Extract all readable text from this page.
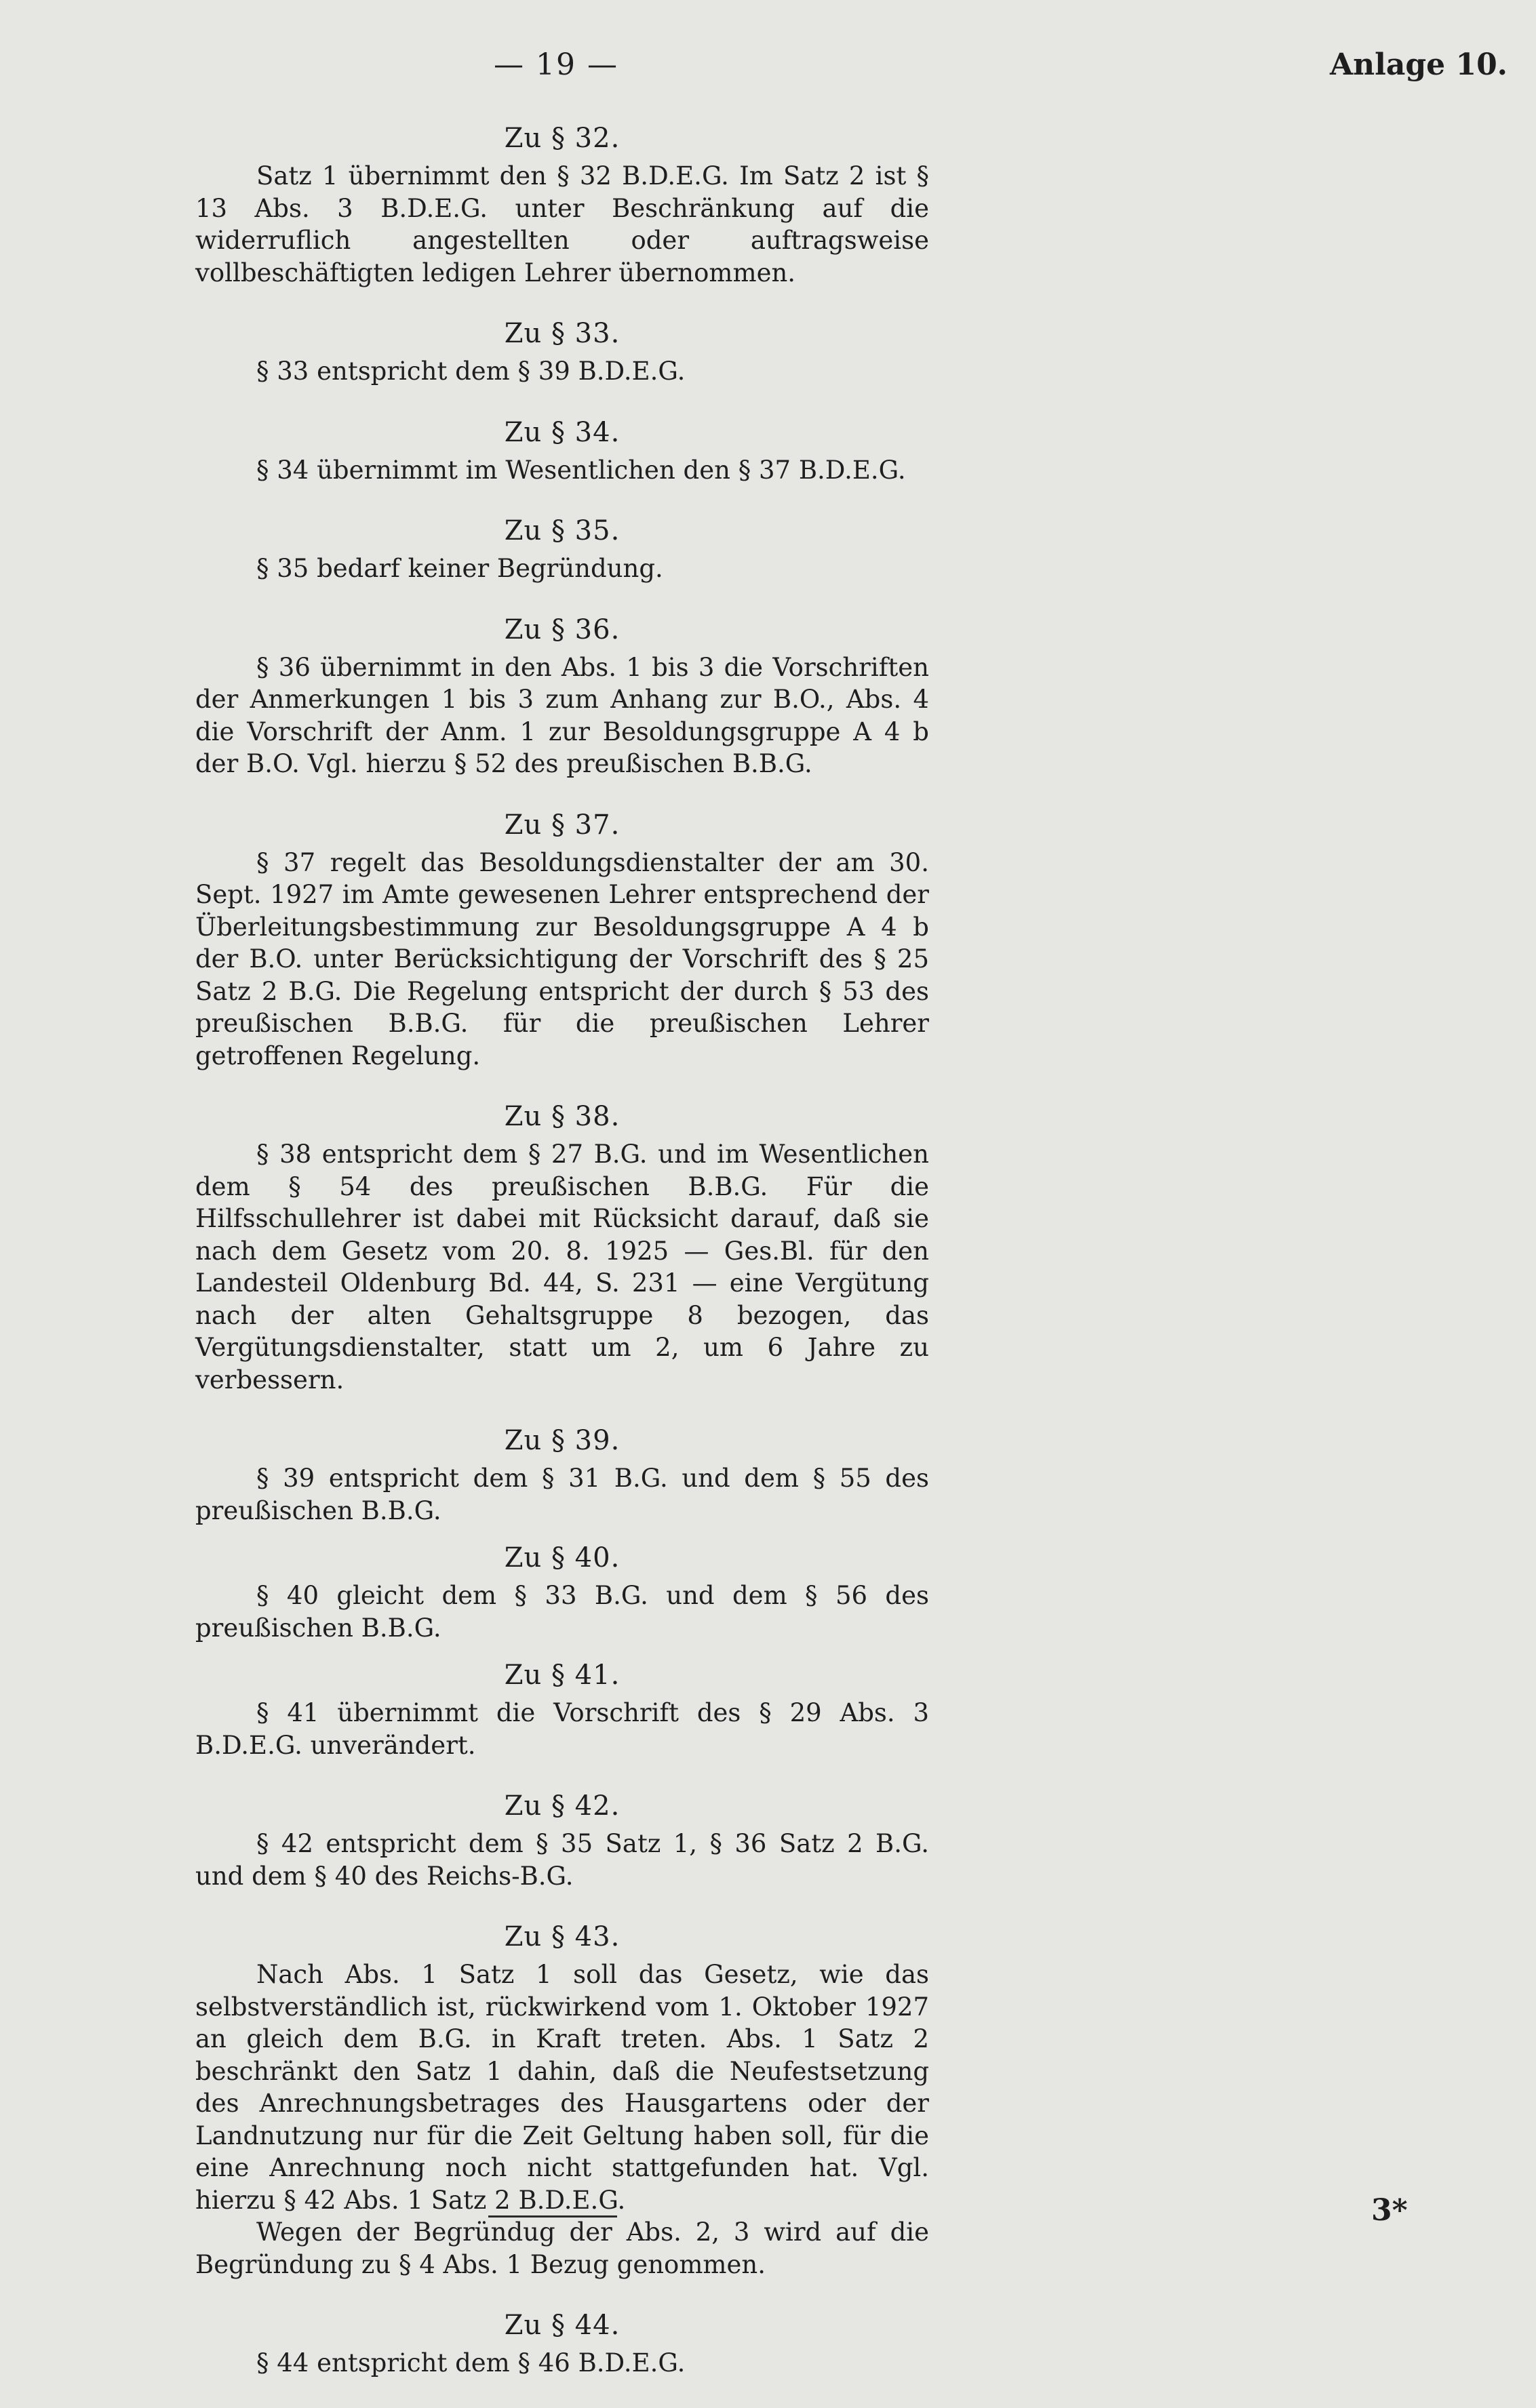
— 19 —	Anlage 10.
Zu § 32.
Satz 1 übernimmt den § 32 B.D.E.G. Im Satz 2 ist § 13 Abs. 3 B.D.E.G. unter Beschränkung auf die widerruflich angestellten oder auftragsweise vollbeschäftigten ledigen Lehrer übernommen.
Zu § 33.
§ 33 entspricht dem § 39 B.D.E.G.
Zu § 34.
§ 34 übernimmt im Wesentlichen den § 37 B.D.E.G.
Zu § 35.
§ 35 bedarf keiner Begründung.
Zu § 36.
§ 36 übernimmt in den Abs. 1 bis 3 die Vorschriften der Anmerkungen 1 bis 3 zum Anhang zur B.O., Abs. 4 die Vorschrift der Anm. 1 zur Besoldungsgruppe A 4 b der B.O. Vgl. hierzu § 52 des preußischen B.B.G.
Zu § 37.
§ 37 regelt das Besoldungsdienstalter der am 30. Sept. 1927 im Amte gewesenen Lehrer entsprechend der Überleitungsbestimmung zur Besoldungsgruppe A 4 b der B.O. unter Berücksichtigung der Vorschrift des § 25 Satz 2 B.G. Die Regelung entspricht der durch § 53 des preußischen B.B.G. für die preußischen Lehrer getroffenen Regelung.
Zu § 38.
§ 38 entspricht dem § 27 B.G. und im Wesentlichen dem § 54 des preußischen B.B.G. Für die Hilfsschullehrer ist dabei mit Rücksicht darauf, daß sie nach dem Gesetz vom 20. 8. 1925 — Ges.Bl. für den Landesteil Oldenburg Bd. 44, S. 231 — eine Vergütung nach der alten Gehaltsgruppe 8 bezogen, das Vergütungsdienstalter, statt um 2, um 6 Jahre zu verbessern.
Zu § 39.
§ 39 entspricht dem § 31 B.G. und dem § 55 des preußischen B.B.G.
Zu § 40.
§ 40 gleicht dem § 33 B.G. und dem § 56 des preußischen B.B.G.
Zu § 41.
§ 41 übernimmt die Vorschrift des § 29 Abs. 3 B.D.E.G. unverändert.
Zu § 42.
§ 42 entspricht dem § 35 Satz 1, § 36 Satz 2 B.G. und dem § 40 des Reichs-B.G.
Zu § 43.
Nach Abs. 1 Satz 1 soll das Gesetz, wie das selbstverständlich ist, rückwirkend vom 1. Oktober 1927 an gleich dem B.G. in Kraft treten. Abs. 1 Satz 2 beschränkt den Satz 1 dahin, daß die Neufestsetzung des Anrechnungsbetrages des Hausgartens oder der Landnutzung nur für die Zeit Geltung haben soll, für die eine Anrechnung noch nicht stattgefunden hat. Vgl. hierzu § 42 Abs. 1 Satz 2 B.D.E.G.
Wegen der Begründug der Abs. 2, 3 wird auf die Begründung zu § 4 Abs. 1 Bezug genommen.
Zu § 44.
§ 44 entspricht dem § 46 B.D.E.G.
3*
